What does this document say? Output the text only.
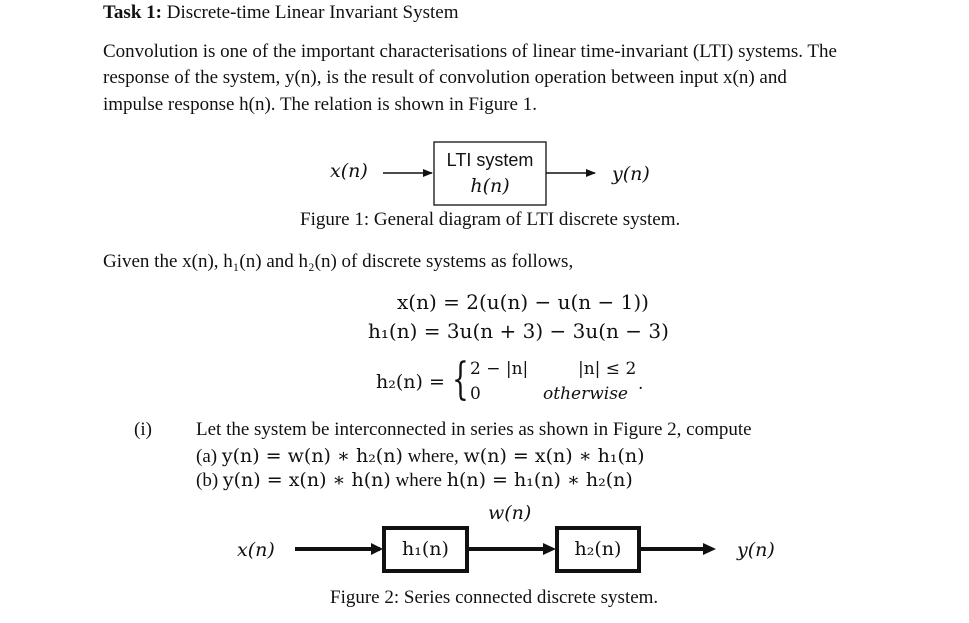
Task 1: Discrete-time Linear Invariant System
Convolution is one of the important characterisations of linear time-invariant (LTI) systems. The
response of the system, y(n), is the result of convolution operation between input x(n) and
impulse response h(n). The relation is shown in Figure 1.
x(n)	LTI system
h(n)
y(n)
Figure 1: General diagram of LTI discrete system.
Given the x(n), h₁(n) and h₂(n) of discrete systems as follows,
x(n) = 2(u(n) − u(n − 1))
h₁(n) = 3u(n + 3) − 3u(n − 3)
h₂(n) = { 2 − |n|	|n| ≤ 2
0	otherwise .
(i) Let the system be interconnected in series as shown in Figure 2, compute
(a) y(n) = w(n) ∗ h₂(n) where, w(n) = x(n) ∗ h₁(n)
(b) y(n) = x(n) ∗ h(n) where h(n) = h₁(n) ∗ h₂(n)
w(n)
x(n)	h₁(n)	h₂(n)	y(n)
Figure 2: Series connected discrete system.
